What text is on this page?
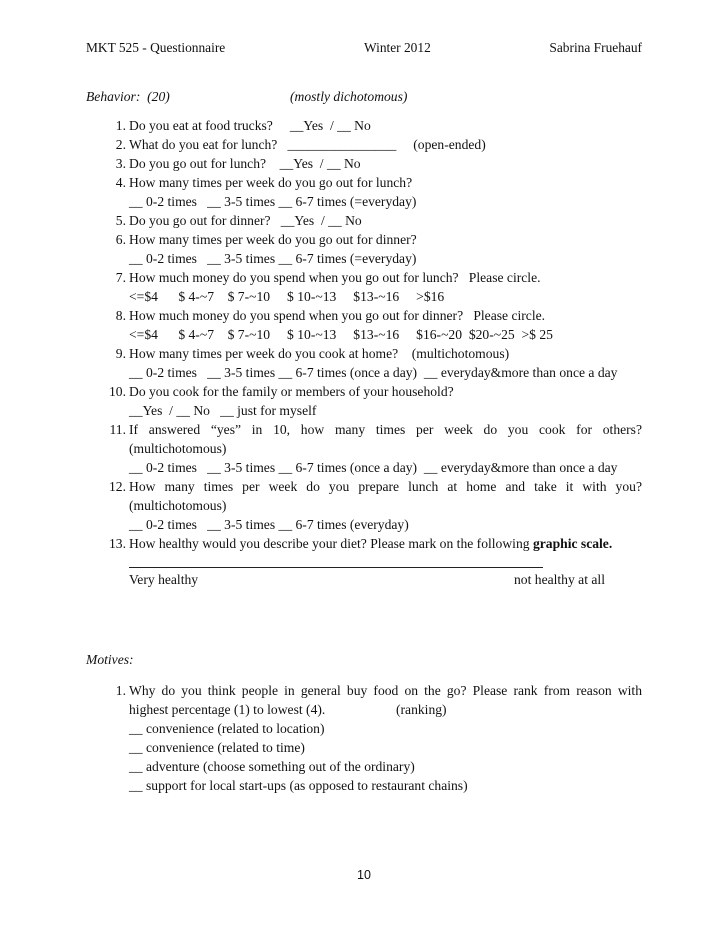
MKT 525 - Questionnaire	Winter 2012	Sabrina Fruehauf
Behavior:  (20)	(mostly dichotomous)
1. Do you eat at food trucks?     __Yes  / __ No
2. What do you eat for lunch?   ________________     (open-ended)
3. Do you go out for lunch?    __Yes  / __ No
4. How many times per week do you go out for lunch?
__ 0-2 times   __ 3-5 times __ 6-7 times (=everyday)
5. Do you go out for dinner?   __Yes  / __ No
6. How many times per week do you go out for dinner?
__ 0-2 times   __ 3-5 times __ 6-7 times (=everyday)
7. How much money do you spend when you go out for lunch?   Please circle.
<=$4      $ 4-~7    $ 7-~10     $ 10-~13     $13-~16     >$16
8. How much money do you spend when you go out for dinner?   Please circle.
<=$4      $ 4-~7    $ 7-~10     $ 10-~13     $13-~16     $16-~20  $20-~25  >$ 25
9. How many times per week do you cook at home?    (multichotomous)
__ 0-2 times   __ 3-5 times __ 6-7 times (once a day)  __ everyday&more than once a day
10. Do you cook for the family or members of your household?
__Yes  / __ No   __ just for myself
11. If answered “yes” in 10, how many times per week do you cook for others?
(multichotomous)
__ 0-2 times   __ 3-5 times __ 6-7 times (once a day)  __ everyday&more than once a day
12. How many times per week do you prepare lunch at home and take it with you?
(multichotomous)
__ 0-2 times   __ 3-5 times __ 6-7 times (everyday)
13. How healthy would you describe your diet? Please mark on the following graphic scale.
Very healthy	not healthy at all
Motives:
1. Why do you think people in general buy food on the go? Please rank from reason with
highest percentage (1) to lowest (4).	(ranking)
__ convenience (related to location)
__ convenience (related to time)
__ adventure (choose something out of the ordinary)
__ support for local start-ups (as opposed to restaurant chains)
10
